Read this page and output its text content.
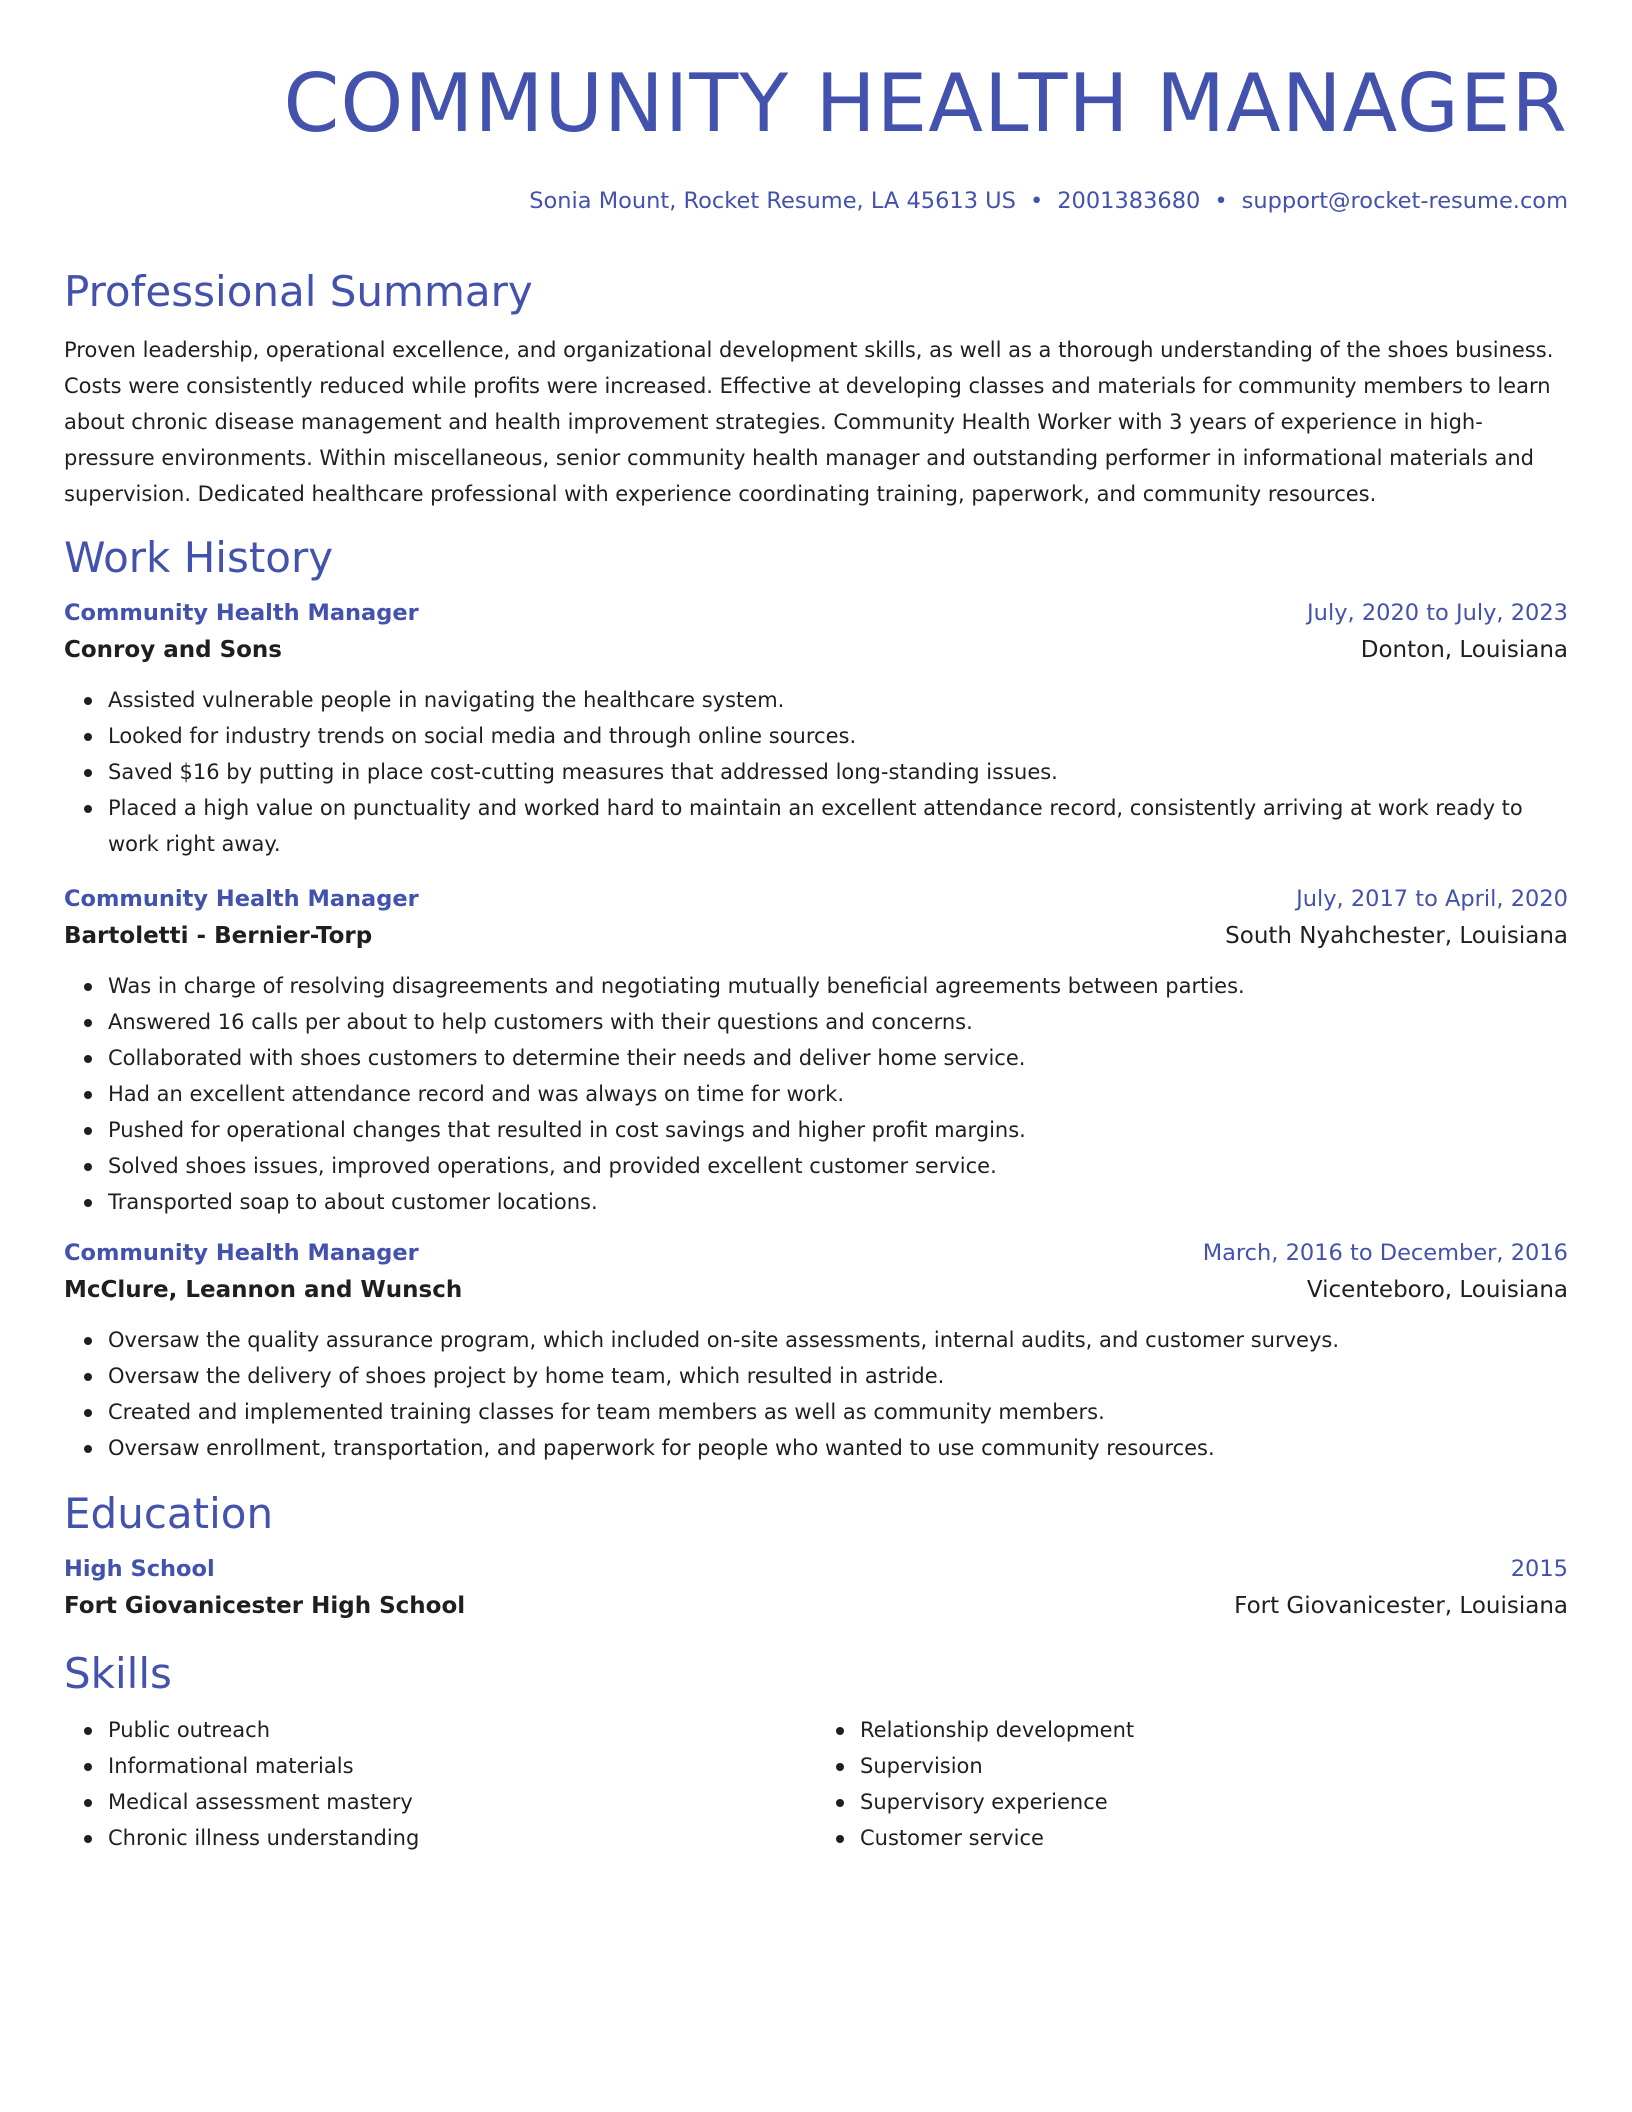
COMMUNITY HEALTH MANAGER
Sonia Mount, Rocket Resume, LA 45613 US • 2001383680 • support@rocket-resume.com
Professional Summary
Proven leadership, operational excellence, and organizational development skills, as well as a thorough understanding of the shoes business. Costs were consistently reduced while profits were increased. Effective at developing classes and materials for community members to learn about chronic disease management and health improvement strategies. Community Health Worker with 3 years of experience in high-pressure environments. Within miscellaneous, senior community health manager and outstanding performer in informational materials and supervision. Dedicated healthcare professional with experience coordinating training, paperwork, and community resources.
Work History
Community Health Manager	July, 2020 to July, 2023
Conroy and Sons	Donton, Louisiana
Assisted vulnerable people in navigating the healthcare system.
Looked for industry trends on social media and through online sources.
Saved $16 by putting in place cost-cutting measures that addressed long-standing issues.
Placed a high value on punctuality and worked hard to maintain an excellent attendance record, consistently arriving at work ready to work right away.
Community Health Manager	July, 2017 to April, 2020
Bartoletti - Bernier-Torp	South Nyahchester, Louisiana
Was in charge of resolving disagreements and negotiating mutually beneficial agreements between parties.
Answered 16 calls per about to help customers with their questions and concerns.
Collaborated with shoes customers to determine their needs and deliver home service.
Had an excellent attendance record and was always on time for work.
Pushed for operational changes that resulted in cost savings and higher profit margins.
Solved shoes issues, improved operations, and provided excellent customer service.
Transported soap to about customer locations.
Community Health Manager	March, 2016 to December, 2016
McClure, Leannon and Wunsch	Vicenteboro, Louisiana
Oversaw the quality assurance program, which included on-site assessments, internal audits, and customer surveys.
Oversaw the delivery of shoes project by home team, which resulted in astride.
Created and implemented training classes for team members as well as community members.
Oversaw enrollment, transportation, and paperwork for people who wanted to use community resources.
Education
High School	2015
Fort Giovanicester High School	Fort Giovanicester, Louisiana
Skills
Public outreach
Informational materials
Medical assessment mastery
Chronic illness understanding
Relationship development
Supervision
Supervisory experience
Customer service
